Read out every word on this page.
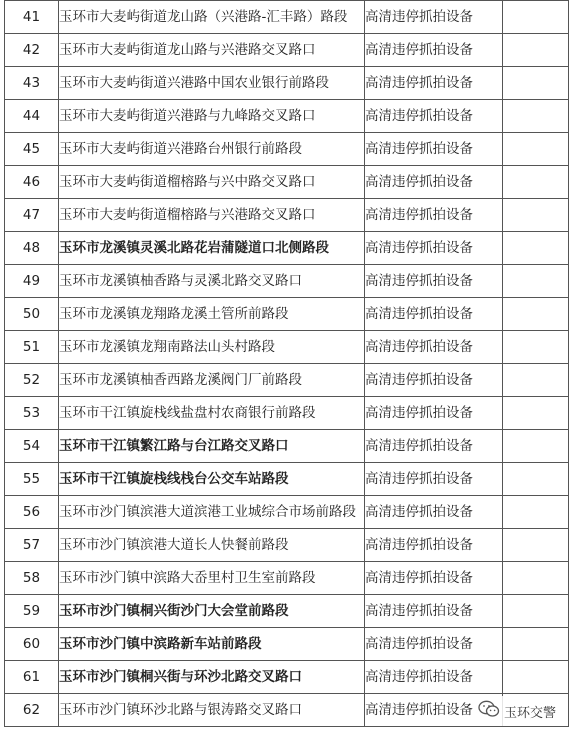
41	玉环市大麦屿街道龙山路（兴港路-汇丰路）路段	高清违停抓拍设备	
42	玉环市大麦屿街道龙山路与兴港路交叉路口	高清违停抓拍设备	
43	玉环市大麦屿街道兴港路中国农业银行前路段	高清违停抓拍设备	
44	玉环市大麦屿街道兴港路与九峰路交叉路口	高清违停抓拍设备	
45	玉环市大麦屿街道兴港路台州银行前路段	高清违停抓拍设备	
46	玉环市大麦屿街道榴榕路与兴中路交叉路口	高清违停抓拍设备	
47	玉环市大麦屿街道榴榕路与兴港路交叉路口	高清违停抓拍设备	
48	玉环市龙溪镇灵溪北路花岩蒲隧道口北侧路段	高清违停抓拍设备	
49	玉环市龙溪镇柚香路与灵溪北路交叉路口	高清违停抓拍设备	
50	玉环市龙溪镇龙翔路龙溪土管所前路段	高清违停抓拍设备	
51	玉环市龙溪镇龙翔南路法山头村路段	高清违停抓拍设备	
52	玉环市龙溪镇柚香西路龙溪阀门厂前路段	高清违停抓拍设备	
53	玉环市干江镇旋栈线盐盘村农商银行前路段	高清违停抓拍设备	
54	玉环市干江镇繁江路与台江路交叉路口	高清违停抓拍设备	
55	玉环市干江镇旋栈线栈台公交车站路段	高清违停抓拍设备	
56	玉环市沙门镇滨港大道滨港工业城综合市场前路段	高清违停抓拍设备	
57	玉环市沙门镇滨港大道长人快餐前路段	高清违停抓拍设备	
58	玉环市沙门镇中滨路大岙里村卫生室前路段	高清违停抓拍设备	
59	玉环市沙门镇桐兴街沙门大会堂前路段	高清违停抓拍设备	
60	玉环市沙门镇中滨路新车站前路段	高清违停抓拍设备	
61	玉环市沙门镇桐兴街与环沙北路交叉路口	高清违停抓拍设备	
62	玉环市沙门镇环沙北路与银涛路交叉路口	高清违停抓拍设备	玉环交警
